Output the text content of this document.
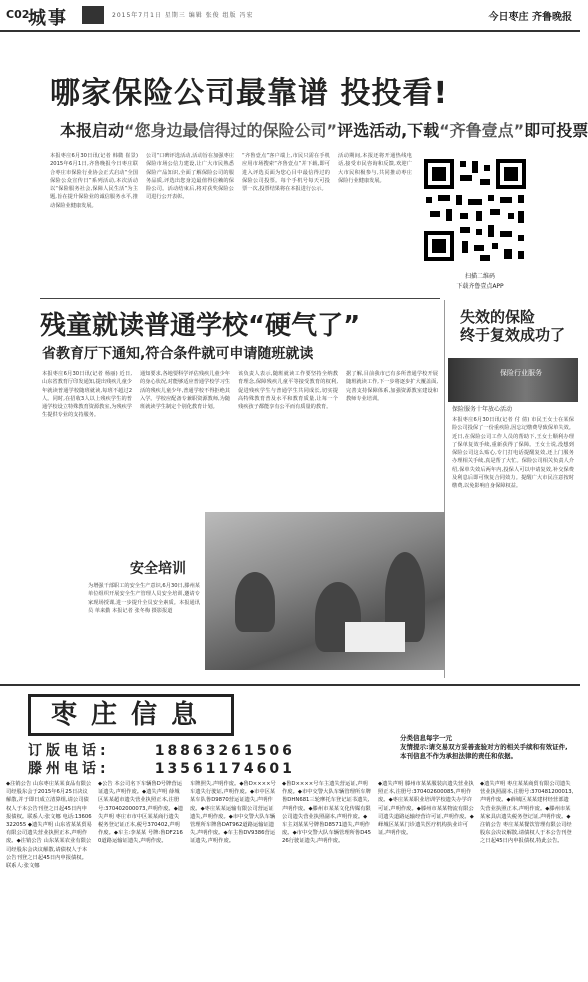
C02
城事	2015年7月1日 星期三 编辑 张俊 组版 冯宏	今日枣庄 齐鲁晚报
哪家保险公司最靠谱 投投看!
本报启动“您身边最信得过的保险公司”评选活动,下载“齐鲁壹点”即可投票
本报枣庄6月30日讯(记者 韩微 崔景) 2015年6月1日,齐鲁晚报今日枣庄联合枣庄市保险行业协会正式启动“全国保险公众宣传日”系列活动,本次活动以“保险服务社会,保障人民生活”为主题,旨在提升保险业的诚信服务水平,推动保险业健康发展。
公司“口碑评选活动,活动旨在加强枣庄保险市场公信力建设,让广大市民熟悉保险产品知识,全面了解保险公司的服务品质,评选出您身边最值得信赖的保险公司。活动结束后,将对获奖保险公司进行公开表彰。
“齐鲁壹点”客户端上,市民只需在手机应用市场搜索“齐鲁壹点”并下载,即可进入评选页面为您心目中最信得过的保险公司投票。每个手机号每天可投票一次,投票结果将在本报进行公示。
活动期间,本报还将开通热线电话,接受市民咨询和反馈,欢迎广大市民积极参与,共同推动枣庄保险行业健康发展。
扫描二维码
下载齐鲁壹点APP
残童就读普通学校“硬气了”
省教育厅下通知,符合条件就可申请随班就读
本报枣庄6月30日讯(记者 杨丽) 近日,山东省教育厅印发通知,提出残疾儿童少年就读普通学校随班就读,每班不超过2人。同时,在招收3人以上残疾学生的普通学校设立特殊教育资源教室,为残疾学生提供专业的支持服务。
通知要求,各地要科学评估残疾儿童少年的身心状况,对能够适应普通学校学习生活的残疾儿童少年,普通学校不得拒绝其入学。学校应配备专兼职资源教师,为随班就读学生制定个别化教育计划。
该负责人表示,随班就读工作要坚持全纳教育理念,保障残疾儿童平等接受教育的权利,促进残疾学生与普通学生共同成长,切实提高特殊教育普及水平和教育质量,让每一个残疾孩子都能享有公平而有质量的教育。
据了解,目前我市已有多所普通学校开展随班就读工作,下一步将逐步扩大覆盖面,完善支持保障体系,加强资源教室建设和教师专业培训。
安全培训
为增强干部职工的安全生产意识,6月30日,滕州某单位组织开展安全生产管理人员安全培训,邀请专家现场授课,进一步提升全员安全素质。本报通讯员 单来勤 本报记者 张冬梅 摄影报道
失效的保险
终于复效成功了
保险行业服务
保险服务十年放心活动
本报枣庄6月30日讯(记者 付 倩) 市民王女士在某保险公司投保了一份重疾险,因忘记缴费导致保单失效。近日,在保险公司工作人员的帮助下,王女士顺利办理了保单复效手续,重新获得了保障。王女士说,没想到保险公司这么贴心,专门打电话提醒复效,还上门服务办理相关手续,真是帮了大忙。保险公司相关负责人介绍,保单失效后两年内,投保人可以申请复效,补交保费及利息后即可恢复合同效力。提醒广大市民注意按时缴费,以免影响自身保障权益。
枣庄信息
订版电话:	18863261506
滕州电话:	13561174601
分类信息每字一元
友情提示:请交易双方妥善查验对方的相关手续和有效证件,本刊信息不作为承担法律的责任和依据。
◆注销公告 山东枣庄某某食品有限公司经股东会于2015年6月25日决议解散,并于即日成立清算组,请公司债权人于本公告刊登之日起45日内申报债权。联系人:张文娜 电话:13606322055 ◆遗失声明 山东省某某贸易有限公司遗失营业执照正本,声明作废。◆注销公告 山东某某农业有限公司经股东会决议解散,请债权人于本公告刊登之日起45日内申报债权。联系人:张文娜
◆公告 本公司名下车辆鲁D号牌营运证遗失,声明作废。◆遗失声明 薛城区某某超市遗失营业执照正本,注册号:370402000073,声明作废。◆遗失声明 枣庄市市中区某某商行遗失税务登记证正本,税号370402,声明作废。◆车主:李某某 号牌:鲁DF2160道路运输证遗失,声明作废。
车牌照失,声明作废。◆鲁D××××号车遗失行驶证,声明作废。◆市中区某某车队鲁D9870营运证遗失,声明作废。◆枣庄某某运输有限公司营运证遗失,声明作废。◆市中交警大队车辆管理所车牌鲁DAT962道路运输证遗失,声明作废。◆车主鲁DV9386营运证遗失,声明作废。
◆鲁D××××号车主遗失营运证,声明作废。◆市中交警大队车辆管理所车牌鲁DHN681三轮摩托车登记证书遗失,声明作废。◆滕州市某某文化传媒有限公司遗失营业执照副本,声明作废。◆车主刘某某号牌鲁D8571遗失,声明作废。◆市中交警大队车辆管理所鲁D4526行驶证遗失,声明作废。
◆遗失声明 滕州市某某服装店遗失营业执照正本,注册号:370402600085,声明作废。◆枣庄某某职业培训学校遗失办学许可证,声明作废。◆滕州市某某物流有限公司遗失道路运输经营许可证,声明作废。◆峄城区某某门诊遗失医疗机构执业许可证,声明作废。
◆遗失声明 枣庄某某商贸有限公司遗失营业执照副本,注册号:370481200013,声明作废。◆薛城区某某建材经营部遗失营业执照正本,声明作废。◆滕州市某某家具店遗失税务登记证,声明作废。◆注销公告 枣庄某某餐饮管理有限公司经股东会决议解散,请债权人于本公告刊登之日起45日内申报债权,特此公告。
